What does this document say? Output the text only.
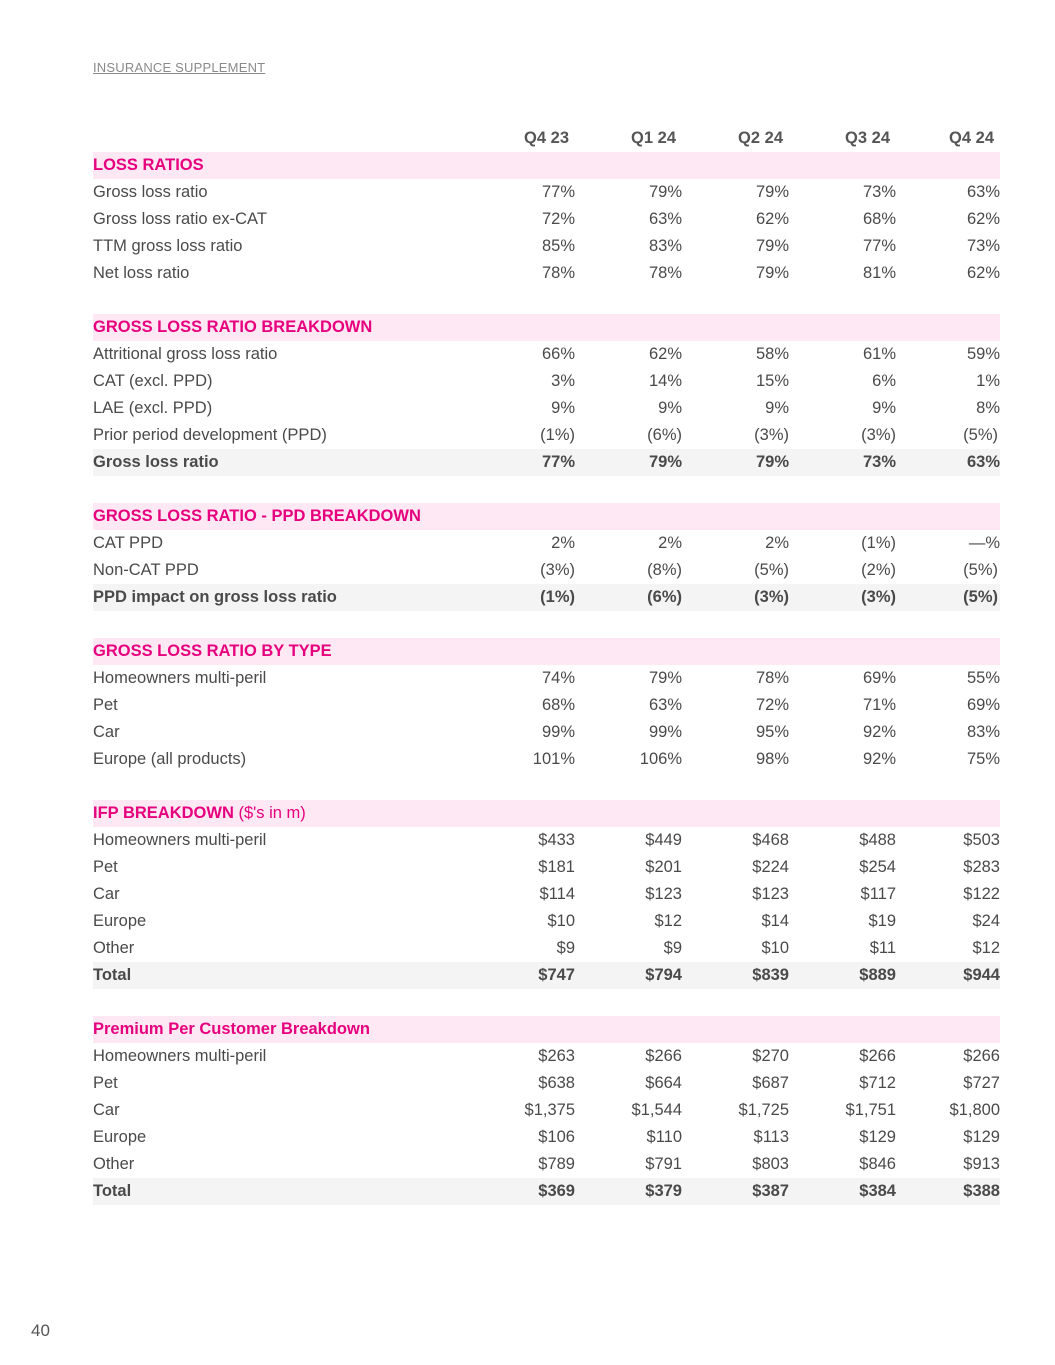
INSURANCE SUPPLEMENT
	Q4 23	Q1 24	Q2 24	Q3 24	Q4 24
LOSS RATIOS					
Gross loss ratio	77%	79%	79%	73%	63%
Gross loss ratio ex-CAT	72%	63%	62%	68%	62%
TTM gross loss ratio	85%	83%	79%	77%	73%
Net loss ratio	78%	78%	79%	81%	62%

GROSS LOSS RATIO BREAKDOWN					
Attritional gross loss ratio	66%	62%	58%	61%	59%
CAT (excl. PPD)	3%	14%	15%	6%	1%
LAE (excl. PPD)	9%	9%	9%	9%	8%
Prior period development (PPD)	(1%)	(6%)	(3%)	(3%)	(5%)
Gross loss ratio	77%	79%	79%	73%	63%

GROSS LOSS RATIO - PPD BREAKDOWN					
CAT PPD	2%	2%	2%	(1%)	—%
Non-CAT PPD	(3%)	(8%)	(5%)	(2%)	(5%)
PPD impact on gross loss ratio	(1%)	(6%)	(3%)	(3%)	(5%)

GROSS LOSS RATIO BY TYPE					
Homeowners multi-peril	74%	79%	78%	69%	55%
Pet	68%	63%	72%	71%	69%
Car	99%	99%	95%	92%	83%
Europe (all products)	101%	106%	98%	92%	75%

IFP BREAKDOWN ($'s in m)					
Homeowners multi-peril	$433	$449	$468	$488	$503
Pet	$181	$201	$224	$254	$283
Car	$114	$123	$123	$117	$122
Europe	$10	$12	$14	$19	$24
Other	$9	$9	$10	$11	$12
Total	$747	$794	$839	$889	$944

Premium Per Customer Breakdown					
Homeowners multi-peril	$263	$266	$270	$266	$266
Pet	$638	$664	$687	$712	$727
Car	$1,375	$1,544	$1,725	$1,751	$1,800
Europe	$106	$110	$113	$129	$129
Other	$789	$791	$803	$846	$913
Total	$369	$379	$387	$384	$388
40
